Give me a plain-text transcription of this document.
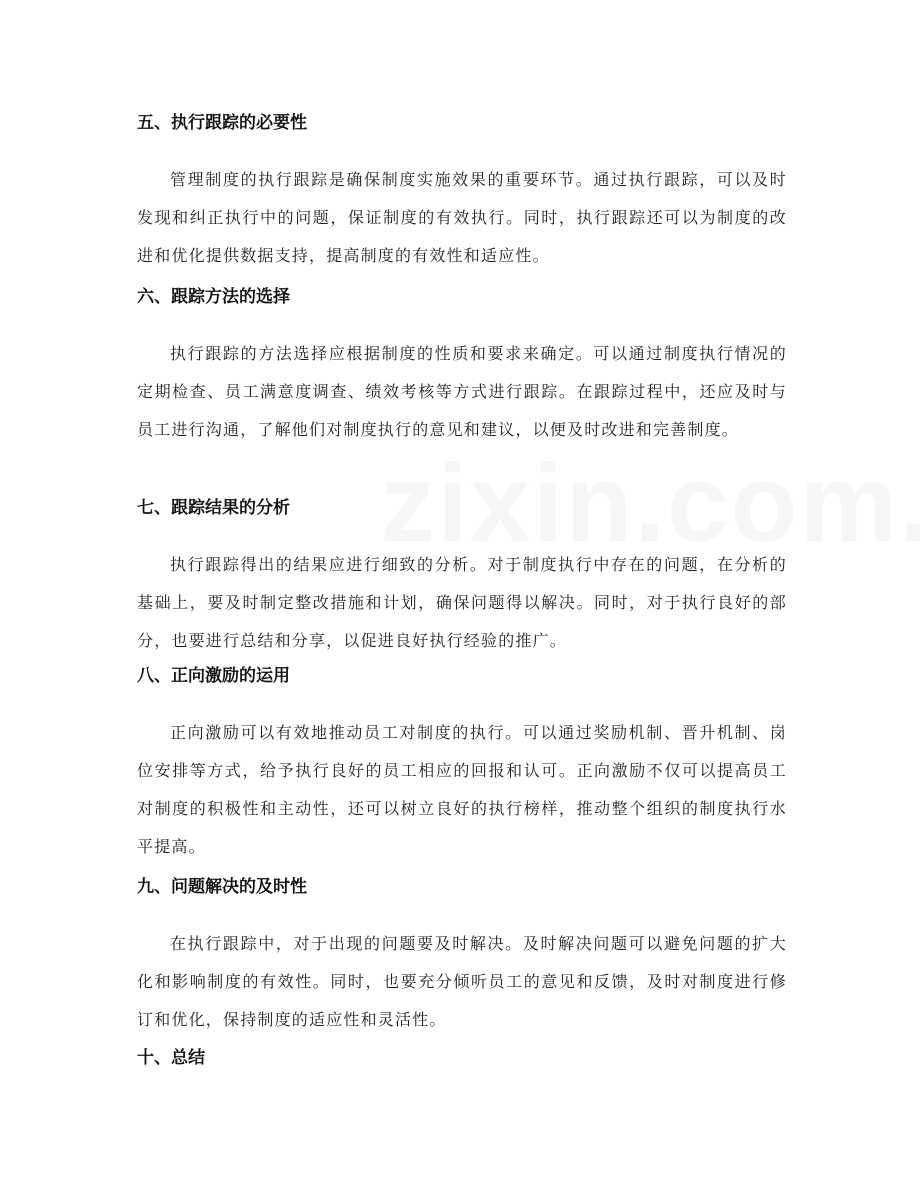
五、执行跟踪的必要性

管理制度的执行跟踪是确保制度实施效果的重要环节。通过执行跟踪，可以及时发现和纠正执行中的问题，保证制度的有效执行。同时，执行跟踪还可以为制度的改进和优化提供数据支持，提高制度的有效性和适应性。

六、跟踪方法的选择

执行跟踪的方法选择应根据制度的性质和要求来确定。可以通过制度执行情况的定期检查、员工满意度调查、绩效考核等方式进行跟踪。在跟踪过程中，还应及时与员工进行沟通，了解他们对制度执行的意见和建议，以便及时改进和完善制度。

七、跟踪结果的分析

执行跟踪得出的结果应进行细致的分析。对于制度执行中存在的问题，在分析的基础上，要及时制定整改措施和计划，确保问题得以解决。同时，对于执行良好的部分，也要进行总结和分享，以促进良好执行经验的推广。

八、正向激励的运用

正向激励可以有效地推动员工对制度的执行。可以通过奖励机制、晋升机制、岗位安排等方式，给予执行良好的员工相应的回报和认可。正向激励不仅可以提高员工对制度的积极性和主动性，还可以树立良好的执行榜样，推动整个组织的制度执行水平提高。

九、问题解决的及时性

在执行跟踪中，对于出现的问题要及时解决。及时解决问题可以避免问题的扩大化和影响制度的有效性。同时，也要充分倾听员工的意见和反馈，及时对制度进行修订和优化，保持制度的适应性和灵活性。

十、总结
